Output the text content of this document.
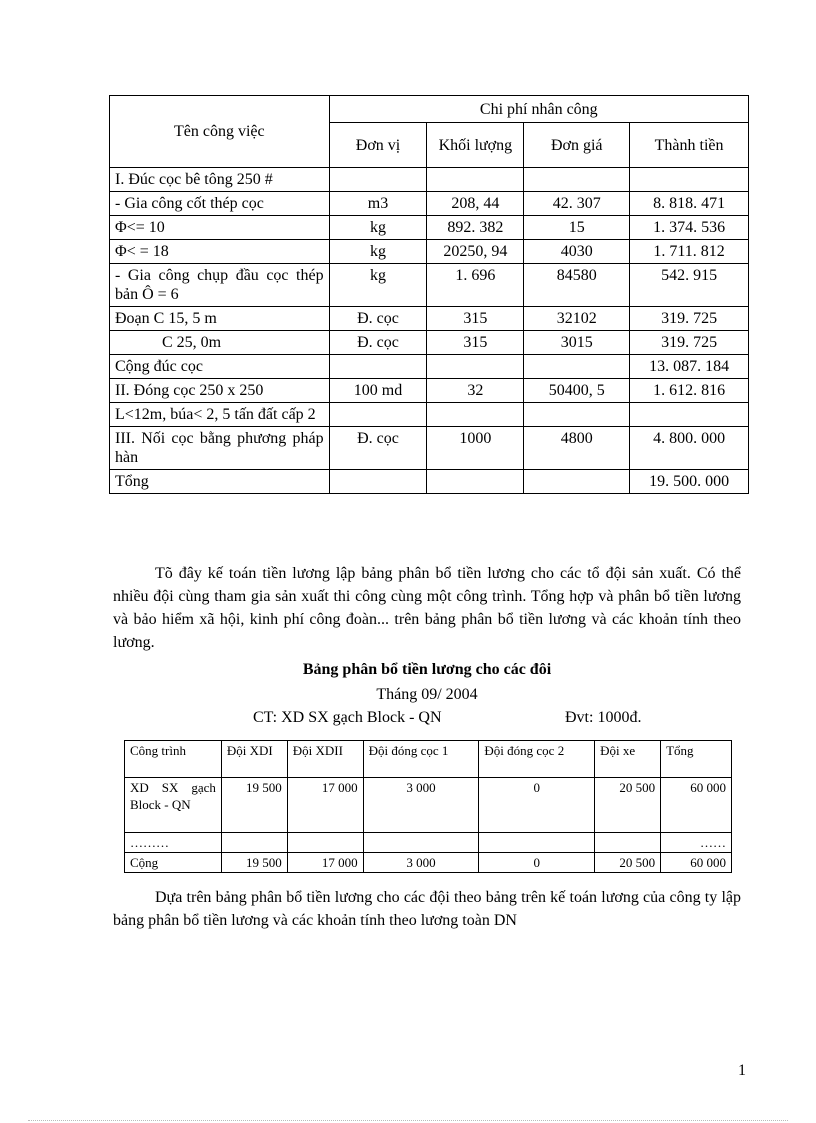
Tên công việc	Chi phí nhân công			
	Đơn vị	Khối lượng	Đơn giá	Thành tiền
I. Đúc cọc bê tông 250 #				
- Gia công cốt thép cọc	m3	208, 44	42. 307	8. 818. 471
Φ<= 10	kg	892. 382	15	1. 374. 536
Φ< = 18	kg	20250, 94	4030	1. 711. 812
- Gia công chụp đầu cọc thép bản Ô = 6	kg	1. 696	84580	542. 915
Đoạn C 15, 5 m	Đ. cọc	315	32102	319. 725
C 25, 0m	Đ. cọc	315	3015	319. 725
Cộng đúc cọc				13. 087. 184
II. Đóng cọc 250 x 250	100 md	32	50400, 5	1. 612. 816
L<12m, búa< 2, 5 tấn đất cấp 2				
III. Nối cọc bằng phương pháp hàn	Đ. cọc	1000	4800	4. 800. 000
Tổng				19. 500. 000

Tõ đây kế toán tiền lương lập bảng phân bổ tiền lương cho các tổ đội sản xuất. Có thể nhiều đội cùng tham gia sản xuất thi công cùng một công trình. Tổng hợp và phân bổ tiền lương và bảo hiểm xã hội, kinh phí công đoàn... trên bảng phân bổ tiền lương và các khoản tính theo lương.

Bảng phân bổ tiền lương cho các đôi

Tháng 09/ 2004

CT: XD SX gạch Block - QN	Đvt: 1000đ.

Công trình	Đội XDI	Đội XDII	Đội đóng cọc 1	Đội đóng cọc 2	Đội xe	Tổng
XD SX gạch Block - QN	19 500	17 000	3 000	0	20 500	60 000
………						……
Cộng	19 500	17 000	3 000	0	20 500	60 000

Dựa trên bảng phân bổ tiền lương cho các đội theo bảng trên kế toán lương của công ty lập bảng phân bổ tiền lương và các khoản tính theo lương toàn DN

1
